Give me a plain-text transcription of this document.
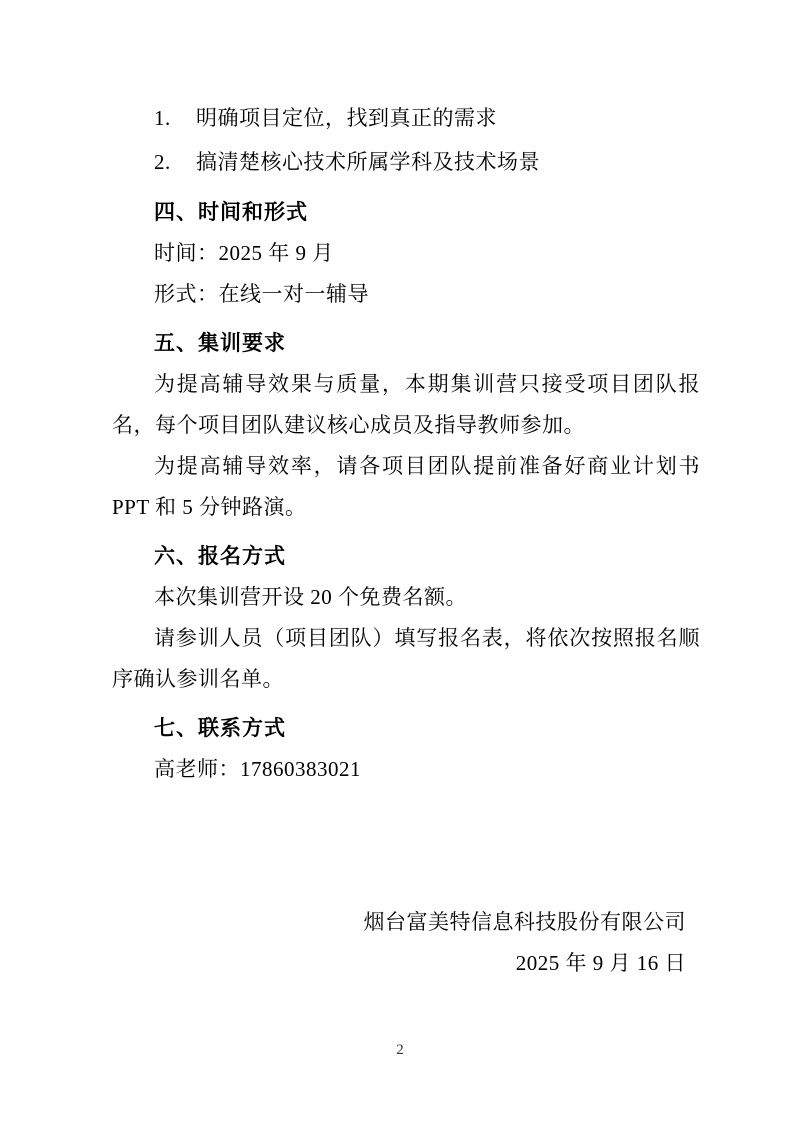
1. 明确项目定位，找到真正的需求

2. 搞清楚核心技术所属学科及技术场景

四、时间和形式

时间：2025 年 9 月

形式：在线一对一辅导

五、集训要求

为提高辅导效果与质量，本期集训营只接受项目团队报名，每个项目团队建议核心成员及指导教师参加。

为提高辅导效率，请各项目团队提前准备好商业计划书 PPT 和 5 分钟路演。

六、报名方式

本次集训营开设 20 个免费名额。

请参训人员（项目团队）填写报名表，将依次按照报名顺序确认参训名单。

七、联系方式

高老师：17860383021

烟台富美特信息科技股份有限公司

2025 年 9 月 16 日

2
